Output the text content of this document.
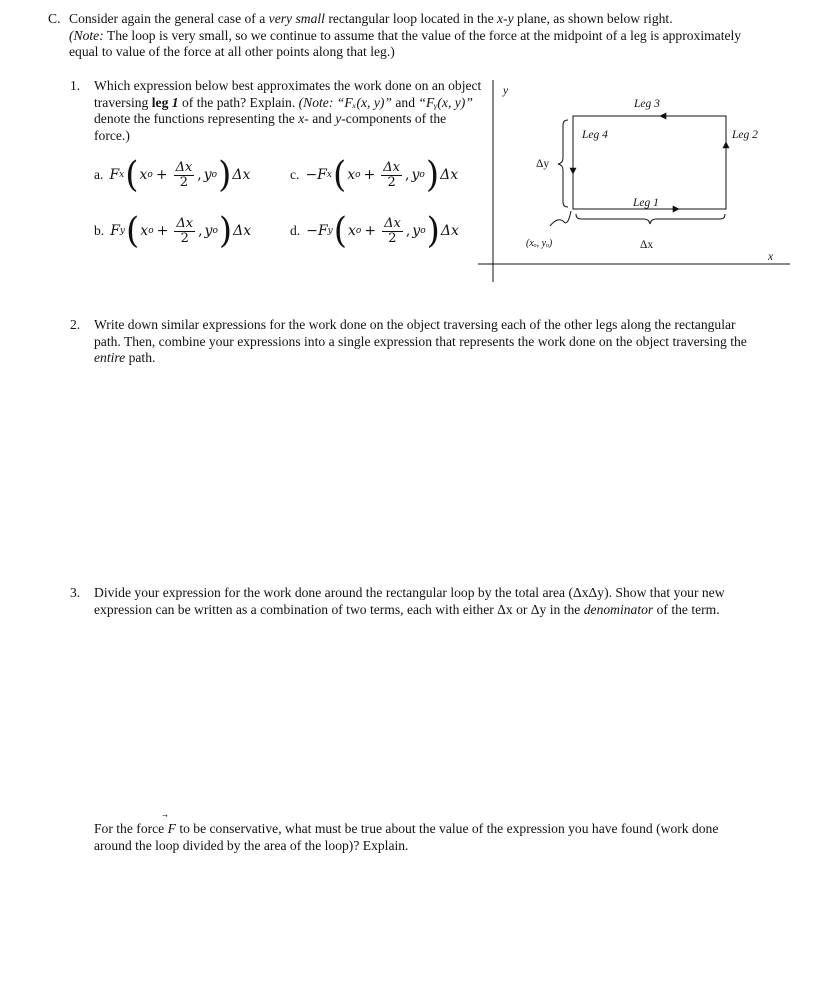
C. Consider again the general case of a very small rectangular loop located in the x-y plane, as shown below right.
(Note: The loop is very small, so we continue to assume that the value of the force at the midpoint of a leg is approximately equal to value of the force at all other points along that leg.)
1.	Which expression below best approximates the work done on an object traversing leg 1 of the path? Explain. (Note: “Fₓ(x, y)” and “Fᵧ(x, y)” denote the functions representing the x- and y-components of the force.)
a. F x ( x $o + \frac{\Delta x}{2}$ , y o ) Δx	c. − F x ( x $o + \frac{\Delta x}{2}$ , y o ) Δx
b. F y ( x $o + \frac{\Delta x}{2}$ , y o ) Δx	d. − F y ( x $o + \frac{\Delta x}{2}$ , y o ) Δx
y
x
Leg 3
Leg 2
Leg 4
Leg 1
Δy
Δx
(xₒ, yₒ)
2.	Write down similar expressions for the work done on the object traversing each of the other legs along the rectangular path. Then, combine your expressions into a single expression that represents the work done on the object traversing the entire path.
3.	Divide your expression for the work done around the rectangular loop by the total area (ΔxΔy). Show that your new expression can be written as a combination of two terms, each with either Δx or Δy in the denominator of the term.
For the force
F to be conservative, what must be true about the value of the expression you have found (work done around the loop divided by the area of the loop)? Explain.
